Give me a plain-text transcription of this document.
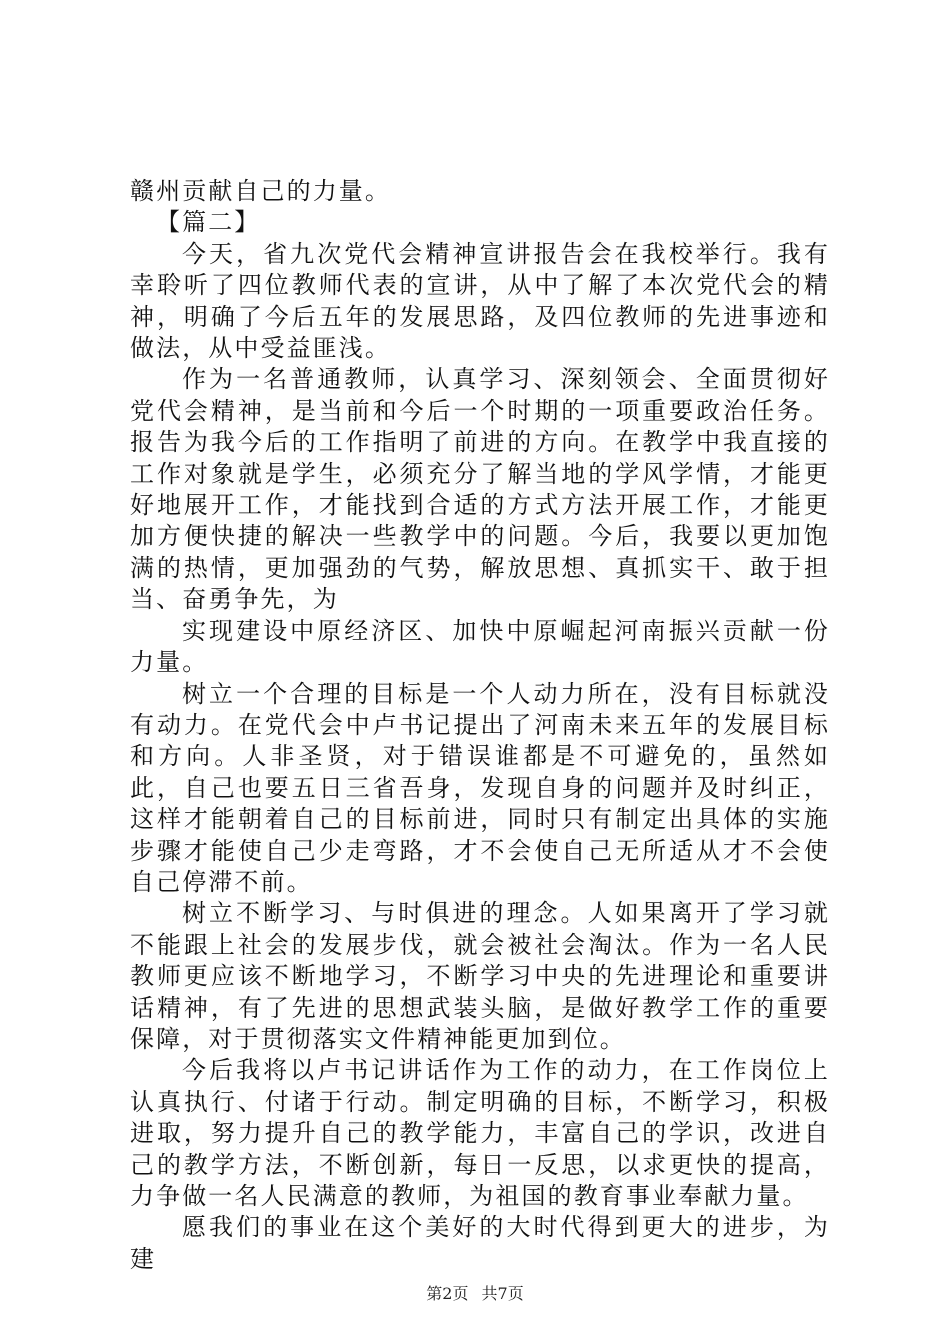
赣州贡献自己的力量。

【篇二】

今天，省九次党代会精神宣讲报告会在我校举行。我有幸聆听了四位教师代表的宣讲，从中了解了本次党代会的精神，明确了今后五年的发展思路，及四位教师的先进事迹和做法，从中受益匪浅。

作为一名普通教师，认真学习、深刻领会、全面贯彻好党代会精神，是当前和今后一个时期的一项重要政治任务。报告为我今后的工作指明了前进的方向。在教学中我直接的工作对象就是学生，必须充分了解当地的学风学情，才能更好地展开工作，才能找到合适的方式方法开展工作，才能更加方便快捷的解决一些教学中的问题。今后，我要以更加饱满的热情，更加强劲的气势，解放思想、真抓实干、敢于担当、奋勇争先，为

实现建设中原经济区、加快中原崛起河南振兴贡献一份力量。

树立一个合理的目标是一个人动力所在，没有目标就没有动力。在党代会中卢书记提出了河南未来五年的发展目标和方向。人非圣贤，对于错误谁都是不可避免的，虽然如此，自己也要五日三省吾身，发现自身的问题并及时纠正，这样才能朝着自己的目标前进，同时只有制定出具体的实施步骤才能使自己少走弯路，才不会使自己无所适从才不会使自己停滞不前。

树立不断学习、与时俱进的理念。人如果离开了学习就不能跟上社会的发展步伐，就会被社会淘汰。作为一名人民教师更应该不断地学习，不断学习中央的先进理论和重要讲话精神，有了先进的思想武装头脑，是做好教学工作的重要保障，对于贯彻落实文件精神能更加到位。

今后我将以卢书记讲话作为工作的动力，在工作岗位上认真执行、付诸于行动。制定明确的目标，不断学习，积极进取，努力提升自己的教学能力，丰富自己的学识，改进自己的教学方法，不断创新，每日一反思，以求更快的提高，力争做一名人民满意的教师，为祖国的教育事业奉献力量。

愿我们的事业在这个美好的大时代得到更大的进步，为建

第2页 共7页
